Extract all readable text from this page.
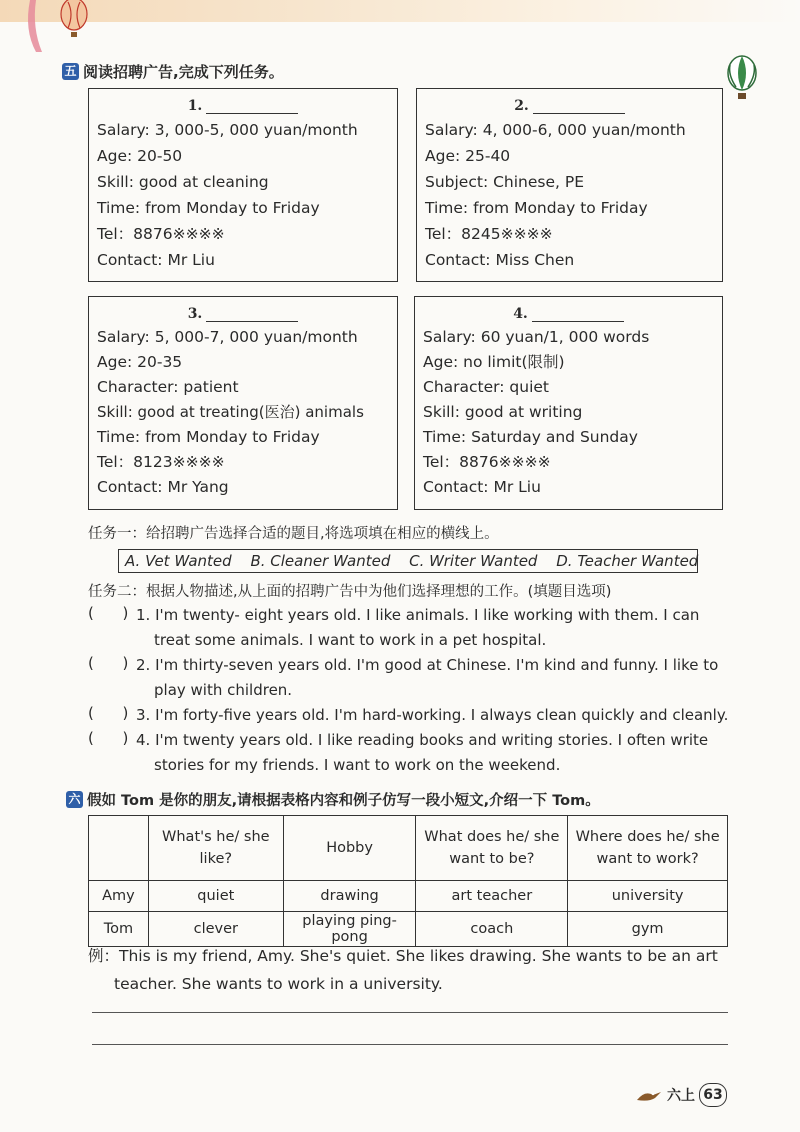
五 阅读招聘广告,完成下列任务。
1.
Salary: 3, 000-5, 000 yuan/month
Age: 20-50
Skill: good at cleaning
Time: from Monday to Friday
Tel：8876※※※※
Contact: Mr Liu
2.
Salary: 4, 000-6, 000 yuan/month
Age: 25-40
Subject: Chinese, PE
Time: from Monday to Friday
Tel：8245※※※※
Contact: Miss Chen
3.
Salary: 5, 000-7, 000 yuan/month
Age: 20-35
Character: patient
Skill: good at treating(医治) animals
Time: from Monday to Friday
Tel：8123※※※※
Contact: Mr Yang
4.
Salary: 60 yuan/1, 000 words
Age: no limit(限制)
Character: quiet
Skill: good at writing
Time: Saturday and Sunday
Tel：8876※※※※
Contact: Mr Liu
任务一：给招聘广告选择合适的题目,将选项填在相应的横线上。
A. Vet Wanted B. Cleaner Wanted C. Writer Wanted D. Teacher Wanted
任务二：根据人物描述,从上面的招聘广告中为他们选择理想的工作。(填题目选项)
(      ) 1. I'm twenty- eight years old. I like animals. I like working with them. I can
treat some animals. I want to work in a pet hospital.
(      ) 2. I'm thirty-seven years old. I'm good at Chinese. I'm kind and funny. I like to
play with children.
(      ) 3. I'm forty-five years old. I'm hard-working. I always clean quickly and cleanly.
(      ) 4. I'm twenty years old. I like reading books and writing stories. I often write
stories for my friends. I want to work on the weekend.
六 假如 Tom 是你的朋友,请根据表格内容和例子仿写一段小短文,介绍一下 Tom。
	What's he/ she like?	Hobby	What does he/ she want to be?	Where does he/ she want to work?
Amy	quiet	drawing	art teacher	university
Tom	clever	playing ping-pong	coach	gym
例：This is my friend, Amy. She's quiet. She likes drawing. She wants to be an art
teacher. She wants to work in a university.
六上 63
